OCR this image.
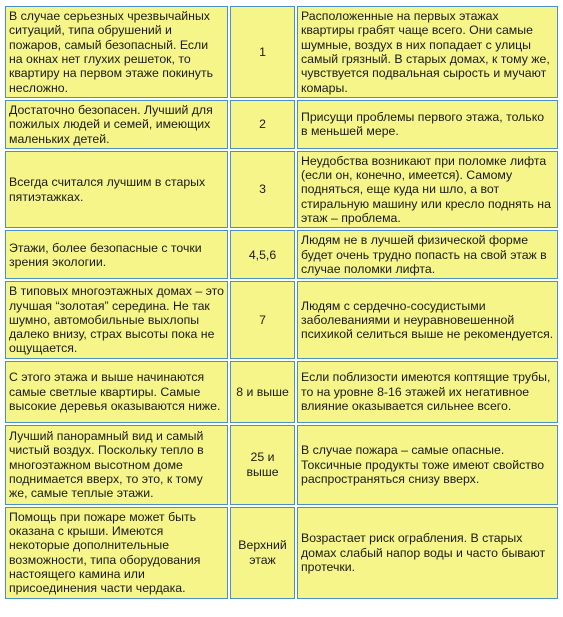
В случае серьезных чрезвычайных ситуаций, типа обрушений и пожаров, самый безопасный. Если на окнах нет глухих решеток, то квартиру на первом этаже покинуть несложно.	1	Расположенные на первых этажах квартиры грабят чаще всего. Они самые шумные, воздух в них попадает с улицы самый грязный. В старых домах, к тому же, чувствуется подвальная сырость и мучают комары.
Достаточно безопасен. Лучший для пожилых людей и семей, имеющих маленьких детей.	2	Присущи проблемы первого этажа, только в меньшей мере.
Всегда считался лучшим в старых пятиэтажках.	3	Неудобства возникают при поломке лифта (если он, конечно, имеется). Самому подняться, еще куда ни шло, а вот стиральную машину или кресло поднять на этаж – проблема.
Этажи, более безопасные с точки зрения экологии.	4,5,6	Людям не в лучшей физической форме будет очень трудно попасть на свой этаж в случае поломки лифта.
В типовых многоэтажных домах – это лучшая “золотая” середина. Не так шумно, автомобильные выхлопы далеко внизу, страх высоты пока не ощущается.	7	Людям с сердечно-сосудистыми заболеваниями и неуравновешенной психикой селиться выше не рекомендуется.
С этого этажа и выше начинаются самые светлые квартиры. Самые высокие деревья оказываются ниже.	8 и выше	Если поблизости имеются коптящие трубы, то на уровне 8-16 этажей их негативное влияние оказывается сильнее всего.
Лучший панорамный вид и самый чистый воздух. Поскольку тепло в многоэтажном высотном доме поднимается вверх, то это, к тому же, самые теплые этажи.	25 и выше	В случае пожара – самые опасные. Токсичные продукты тоже имеют свойство распространяться снизу вверх.
Помощь при пожаре может быть оказана с крыши. Имеются некоторые дополнительные возможности, типа оборудования настоящего камина или присоединения части чердака.	Верхний этаж	Возрастает риск ограбления. В старых домах слабый напор воды и часто бывают протечки.
